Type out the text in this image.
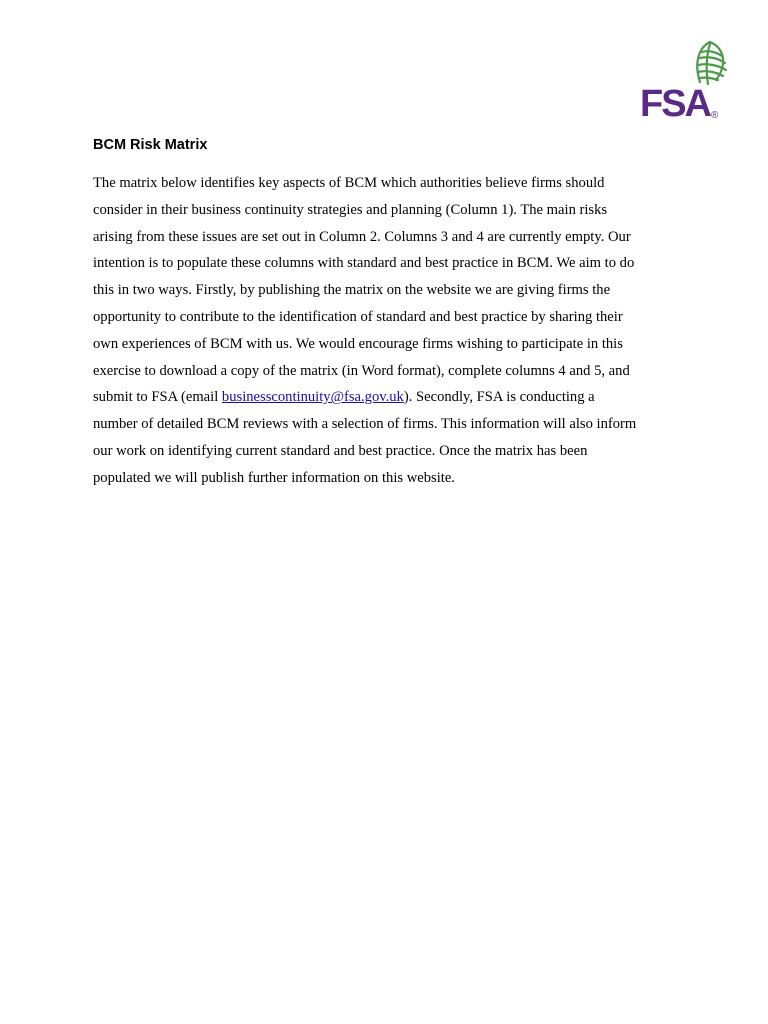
FSA ®
BCM Risk Matrix
The matrix below identifies key aspects of BCM which authorities believe firms should
consider in their business continuity strategies and planning (Column 1). The main risks
arising from these issues are set out in Column 2. Columns 3 and 4 are currently empty. Our
intention is to populate these columns with standard and best practice in BCM. We aim to do
this in two ways. Firstly, by publishing the matrix on the website we are giving firms the
opportunity to contribute to the identification of standard and best practice by sharing their
own experiences of BCM with us. We would encourage firms wishing to participate in this
exercise to download a copy of the matrix (in Word format), complete columns 4 and 5, and
submit to FSA (email businesscontinuity@fsa.gov.uk). Secondly, FSA is conducting a
number of detailed BCM reviews with a selection of firms. This information will also inform
our work on identifying current standard and best practice. Once the matrix has been
populated we will publish further information on this website.
